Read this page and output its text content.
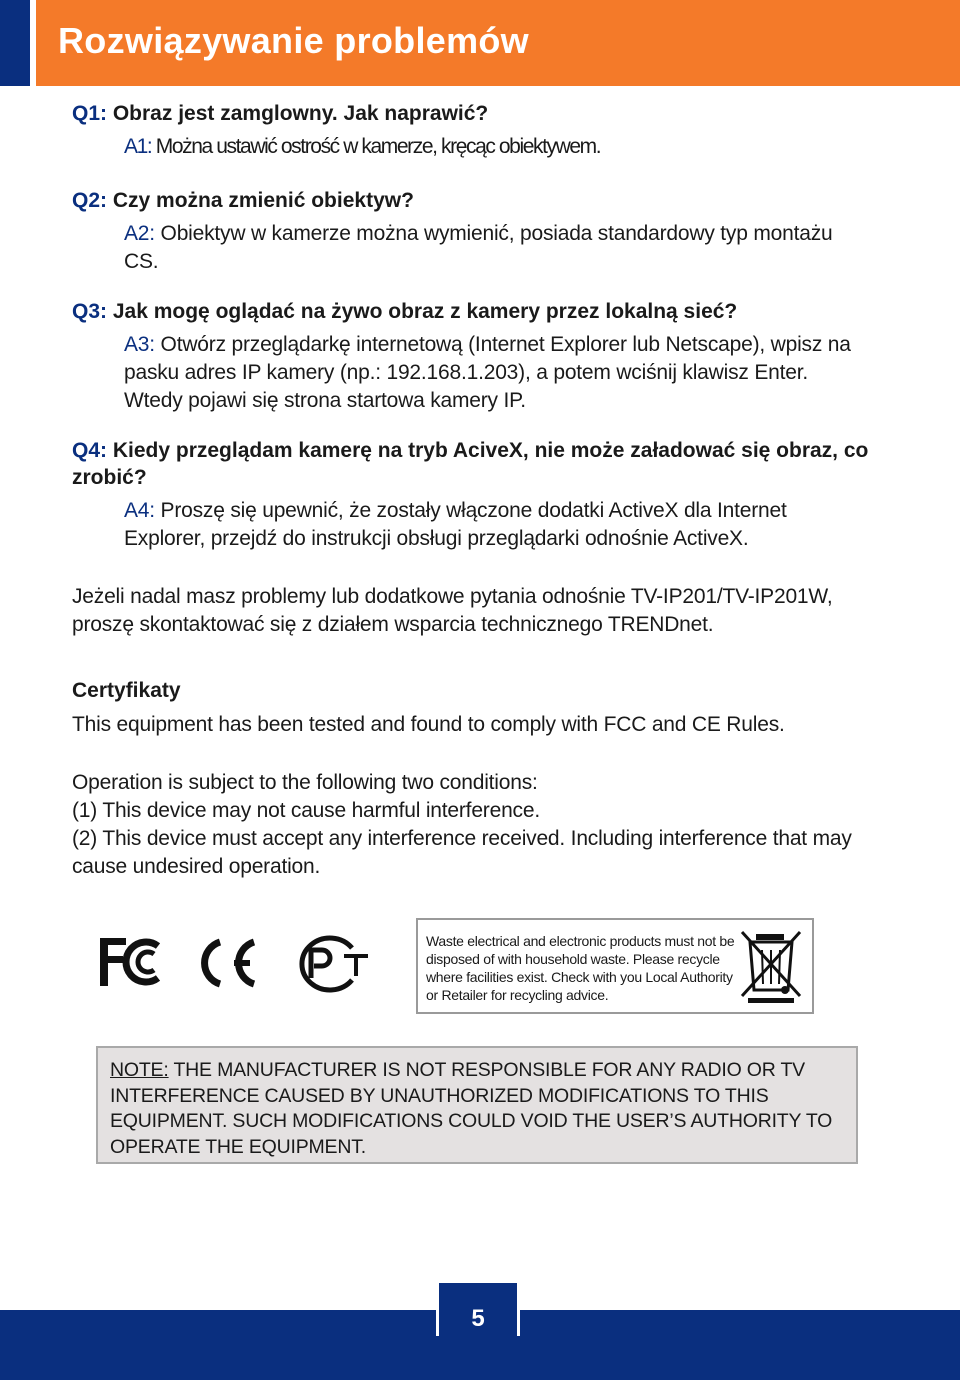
Rozwiązywanie problemów

Q1: Obraz jest zamglowny. Jak naprawić?

A1: Można ustawić ostrość w kamerze, kręcąc obiektywem.

Q2: Czy można zmienić obiektyw?

A2: Obiektyw w kamerze można wymienić, posiada standardowy typ montażu CS.

Q3: Jak mogę oglądać na żywo obraz z kamery przez lokalną sieć?

A3: Otwórz przeglądarkę internetową (Internet Explorer lub Netscape), wpisz na pasku adres IP kamery (np.: 192.168.1.203), a potem wciśnij klawisz Enter. Wtedy pojawi się strona startowa kamery IP.

Q4: Kiedy przeglądam kamerę na tryb AciveX, nie może załadować się obraz, co zrobić?

A4: Proszę się upewnić, że zostały włączone dodatki ActiveX dla Internet Explorer, przejdź do instrukcji obsługi przeglądarki odnośnie ActiveX.

Jeżeli nadal masz problemy lub dodatkowe pytania odnośnie TV-IP201/TV-IP201W, proszę skontaktować się z działem wsparcia technicznego TRENDnet.

Certyfikaty

This equipment has been tested and found to comply with FCC and CE Rules.

Operation is subject to the following two conditions:

(1) This device may not cause harmful interference.

(2) This device must accept any interference received. Including interference that may cause undesired operation.

Waste electrical and electronic products must not be disposed of with household waste. Please recycle where facilities exist. Check with you Local Authority or Retailer for recycling advice.
NOTE: THE MANUFACTURER IS NOT RESPONSIBLE FOR ANY RADIO OR TV INTERFERENCE CAUSED BY UNAUTHORIZED MODIFICATIONS TO THIS EQUIPMENT. SUCH MODIFICATIONS COULD VOID THE USER’S AUTHORITY TO OPERATE THE EQUIPMENT.
5
